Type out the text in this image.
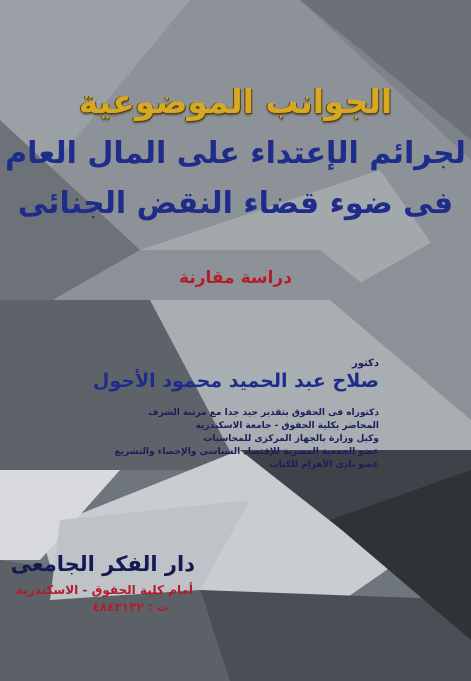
الجوانب الموضوعية
لجرائم الإعتداء على المال العام
فى ضوء قضاء النقض الجنائى
دراسة مقارنة
دكتور
صلاح عبد الحميد محمود الأحول
دكتوراه فى الحقوق بتقدير جيد جدا مع مرتبة الشرف
المحاضر بكلية الحقوق - جامعة الاسكندرية
وكيل وزارة بالجهاز المركزى للمحاسبات
عضو الجمعية المصرية للإقتصاد السياسى والإحصاء والتشريع
عضو نادى الأهرام للكتاب
دار الفكر الجامعى
أمام كلية الحقوق - الاسكندرية
ت : ٤٨٤٣١٣٢
